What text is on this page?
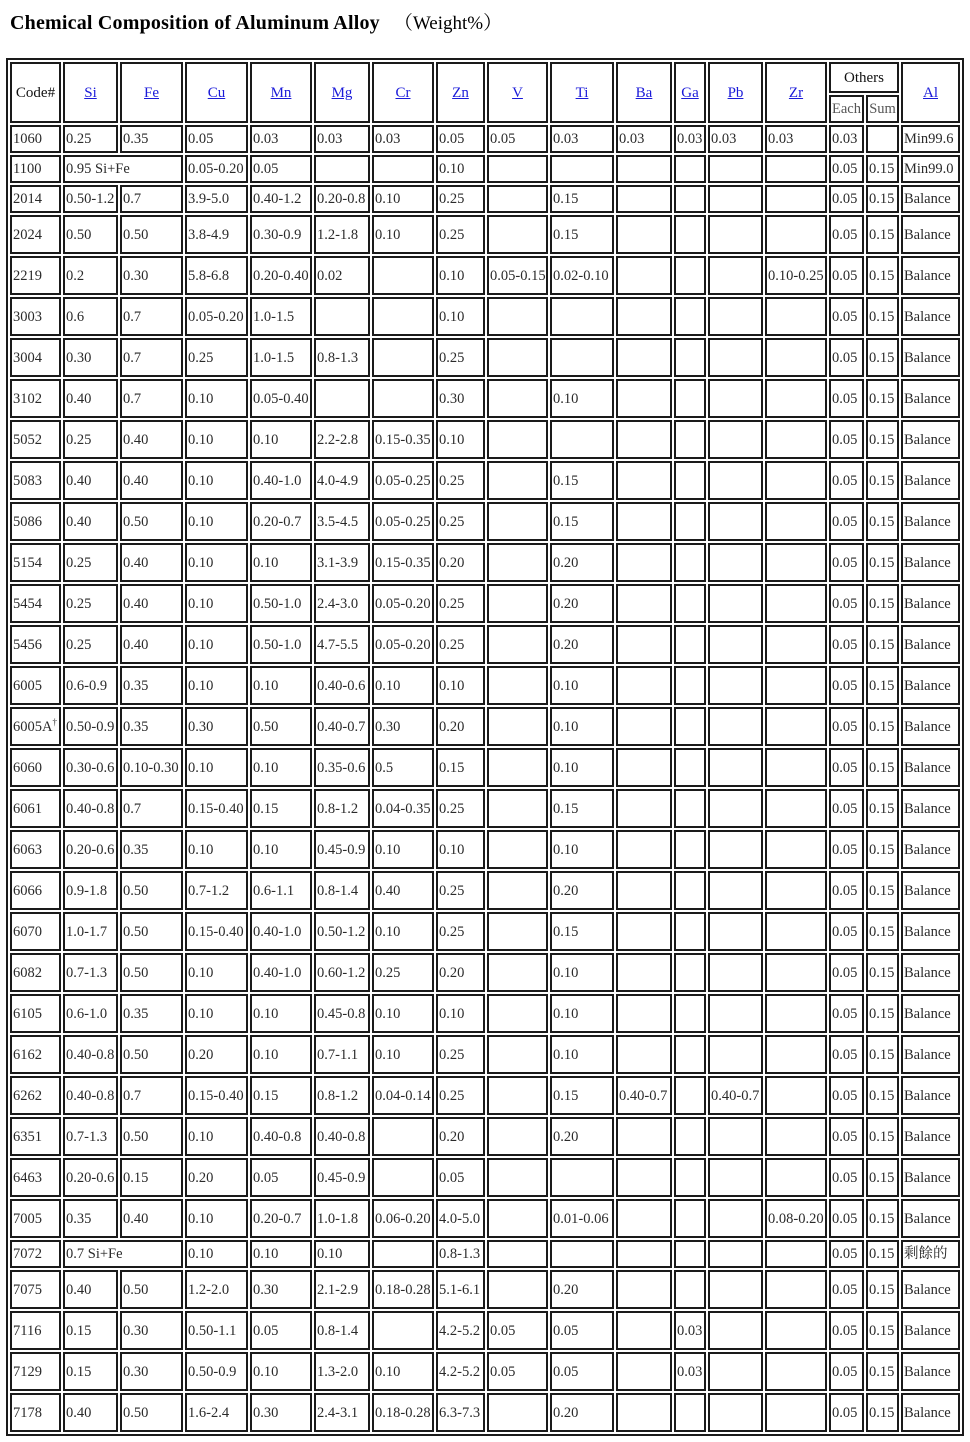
Chemical Composition of Aluminum Alloy （Weight%）
Code#	Si	Fe	Cu	Mn	Mg	Cr	Zn	V	Ti	Ba	Ga	Pb	Zr	Others		Al
														Each	Sum	
1060	0.25	0.35	0.05	0.03	0.03	0.03	0.05	0.05	0.03	0.03	0.03	0.03	0.03	0.03		Min99.6
1100	0.95 Si+Fe		0.05-0.20	0.05			0.10							0.05	0.15	Min99.0
2014	0.50-1.2	0.7	3.9-5.0	0.40-1.2	0.20-0.8	0.10	0.25		0.15					0.05	0.15	Balance
2024	0.50	0.50	3.8-4.9	0.30-0.9	1.2-1.8	0.10	0.25		0.15					0.05	0.15	Balance
2219	0.2	0.30	5.8-6.8	0.20-0.40	0.02		0.10	0.05-0.15	0.02-0.10				0.10-0.25	0.05	0.15	Balance
3003	0.6	0.7	0.05-0.20	1.0-1.5			0.10							0.05	0.15	Balance
3004	0.30	0.7	0.25	1.0-1.5	0.8-1.3		0.25							0.05	0.15	Balance
3102	0.40	0.7	0.10	0.05-0.40			0.30		0.10					0.05	0.15	Balance
5052	0.25	0.40	0.10	0.10	2.2-2.8	0.15-0.35	0.10							0.05	0.15	Balance
5083	0.40	0.40	0.10	0.40-1.0	4.0-4.9	0.05-0.25	0.25		0.15					0.05	0.15	Balance
5086	0.40	0.50	0.10	0.20-0.7	3.5-4.5	0.05-0.25	0.25		0.15					0.05	0.15	Balance
5154	0.25	0.40	0.10	0.10	3.1-3.9	0.15-0.35	0.20		0.20					0.05	0.15	Balance
5454	0.25	0.40	0.10	0.50-1.0	2.4-3.0	0.05-0.20	0.25		0.20					0.05	0.15	Balance
5456	0.25	0.40	0.10	0.50-1.0	4.7-5.5	0.05-0.20	0.25		0.20					0.05	0.15	Balance
6005	0.6-0.9	0.35	0.10	0.10	0.40-0.6	0.10	0.10		0.10					0.05	0.15	Balance
6005A†	0.50-0.9	0.35	0.30	0.50	0.40-0.7	0.30	0.20		0.10					0.05	0.15	Balance
6060	0.30-0.6	0.10-0.30	0.10	0.10	0.35-0.6	0.5	0.15		0.10					0.05	0.15	Balance
6061	0.40-0.8	0.7	0.15-0.40	0.15	0.8-1.2	0.04-0.35	0.25		0.15					0.05	0.15	Balance
6063	0.20-0.6	0.35	0.10	0.10	0.45-0.9	0.10	0.10		0.10					0.05	0.15	Balance
6066	0.9-1.8	0.50	0.7-1.2	0.6-1.1	0.8-1.4	0.40	0.25		0.20					0.05	0.15	Balance
6070	1.0-1.7	0.50	0.15-0.40	0.40-1.0	0.50-1.2	0.10	0.25		0.15					0.05	0.15	Balance
6082	0.7-1.3	0.50	0.10	0.40-1.0	0.60-1.2	0.25	0.20		0.10					0.05	0.15	Balance
6105	0.6-1.0	0.35	0.10	0.10	0.45-0.8	0.10	0.10		0.10					0.05	0.15	Balance
6162	0.40-0.8	0.50	0.20	0.10	0.7-1.1	0.10	0.25		0.10					0.05	0.15	Balance
6262	0.40-0.8	0.7	0.15-0.40	0.15	0.8-1.2	0.04-0.14	0.25		0.15	0.40-0.7		0.40-0.7		0.05	0.15	Balance
6351	0.7-1.3	0.50	0.10	0.40-0.8	0.40-0.8		0.20		0.20					0.05	0.15	Balance
6463	0.20-0.6	0.15	0.20	0.05	0.45-0.9		0.05							0.05	0.15	Balance
7005	0.35	0.40	0.10	0.20-0.7	1.0-1.8	0.06-0.20	4.0-5.0		0.01-0.06				0.08-0.20	0.05	0.15	Balance
7072	0.7 Si+Fe		0.10	0.10	0.10		0.8-1.3							0.05	0.15	剩餘的
7075	0.40	0.50	1.2-2.0	0.30	2.1-2.9	0.18-0.28	5.1-6.1		0.20					0.05	0.15	Balance
7116	0.15	0.30	0.50-1.1	0.05	0.8-1.4		4.2-5.2	0.05	0.05		0.03			0.05	0.15	Balance
7129	0.15	0.30	0.50-0.9	0.10	1.3-2.0	0.10	4.2-5.2	0.05	0.05		0.03			0.05	0.15	Balance
7178	0.40	0.50	1.6-2.4	0.30	2.4-3.1	0.18-0.28	6.3-7.3		0.20					0.05	0.15	Balance
